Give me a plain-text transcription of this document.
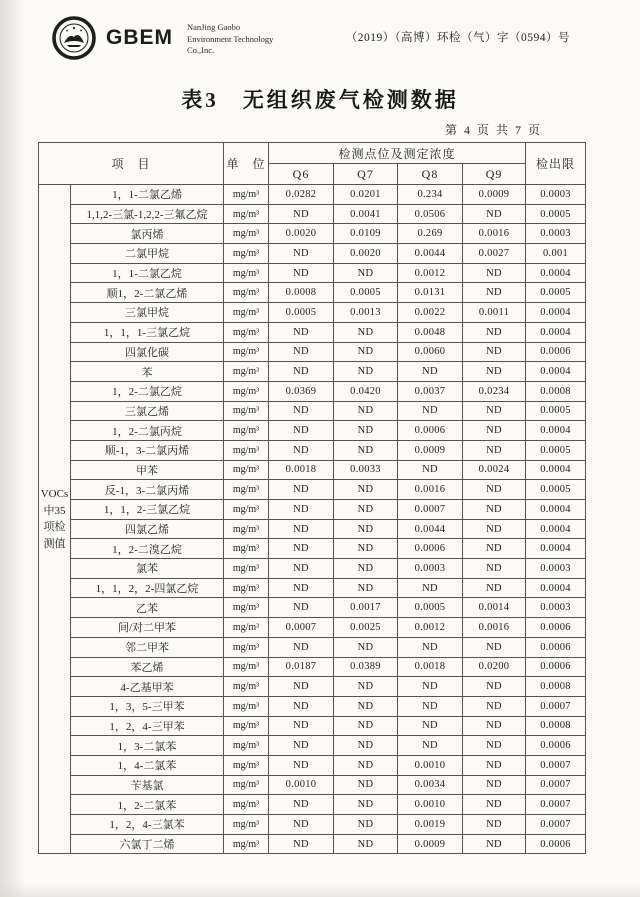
GBEM NanJing Gaobo
Environment Technology
Co.,Inc.
（2019）（高博）环检（气）字（0594）号
表3　无组织废气检测数据
第 4 页 共 7 页
项　目		单　位	检测点位及测定浓度				检出限
			Q6	Q7	Q8	Q9	

VOCs
中35
项检
测值	1，1-二氯乙烯	mg/m³	0.0282	0.0201	0.234	0.0009	0.0003
	1,1,2-三氯-1,2,2-三氟乙烷	mg/m³	ND	0.0041	0.0506	ND	0.0005
	氯丙烯	mg/m³	0.0020	0.0109	0.269	0.0016	0.0003
	二氯甲烷	mg/m³	ND	0.0020	0.0044	0.0027	0.001
	1，1-二氯乙烷	mg/m³	ND	ND	0.0012	ND	0.0004
	顺1，2-二氯乙烯	mg/m³	0.0008	0.0005	0.0131	ND	0.0005
	三氯甲烷	mg/m³	0.0005	0.0013	0.0022	0.0011	0.0004
	1，1，1-三氯乙烷	mg/m³	ND	ND	0.0048	ND	0.0004
	四氯化碳	mg/m³	ND	ND	0.0060	ND	0.0006
	苯	mg/m³	ND	ND	ND	ND	0.0004
	1，2-二氯乙烷	mg/m³	0.0369	0.0420	0.0037	0.0234	0.0008
	三氯乙烯	mg/m³	ND	ND	ND	ND	0.0005
	1，2-二氯丙烷	mg/m³	ND	ND	0.0006	ND	0.0004
	顺-1，3-二氯丙烯	mg/m³	ND	ND	0.0009	ND	0.0005
	甲苯	mg/m³	0.0018	0.0033	ND	0.0024	0.0004
	反-1，3-二氯丙烯	mg/m³	ND	ND	0.0016	ND	0.0005
	1，1，2-三氯乙烷	mg/m³	ND	ND	0.0007	ND	0.0004
	四氯乙烯	mg/m³	ND	ND	0.0044	ND	0.0004
	1，2-二溴乙烷	mg/m³	ND	ND	0.0006	ND	0.0004
	氯苯	mg/m³	ND	ND	0.0003	ND	0.0003
	1，1，2，2-四氯乙烷	mg/m³	ND	ND	ND	ND	0.0004
	乙苯	mg/m³	ND	0.0017	0.0005	0.0014	0.0003
	间/对二甲苯	mg/m³	0.0007	0.0025	0.0012	0.0016	0.0006
	邻二甲苯	mg/m³	ND	ND	ND	ND	0.0006
	苯乙烯	mg/m³	0.0187	0.0389	0.0018	0.0200	0.0006
	4-乙基甲苯	mg/m³	ND	ND	ND	ND	0.0008
	1，3，5-三甲苯	mg/m³	ND	ND	ND	ND	0.0007
	1，2，4-三甲苯	mg/m³	ND	ND	ND	ND	0.0008
	1，3-二氯苯	mg/m³	ND	ND	ND	ND	0.0006
	1，4-二氯苯	mg/m³	ND	ND	0.0010	ND	0.0007
	苄基氯	mg/m³	0.0010	ND	0.0034	ND	0.0007
	1，2-二氯苯	mg/m³	ND	ND	0.0010	ND	0.0007
	1，2，4-三氯苯	mg/m³	ND	ND	0.0019	ND	0.0007
	六氯丁二烯	mg/m³	ND	ND	0.0009	ND	0.0006
